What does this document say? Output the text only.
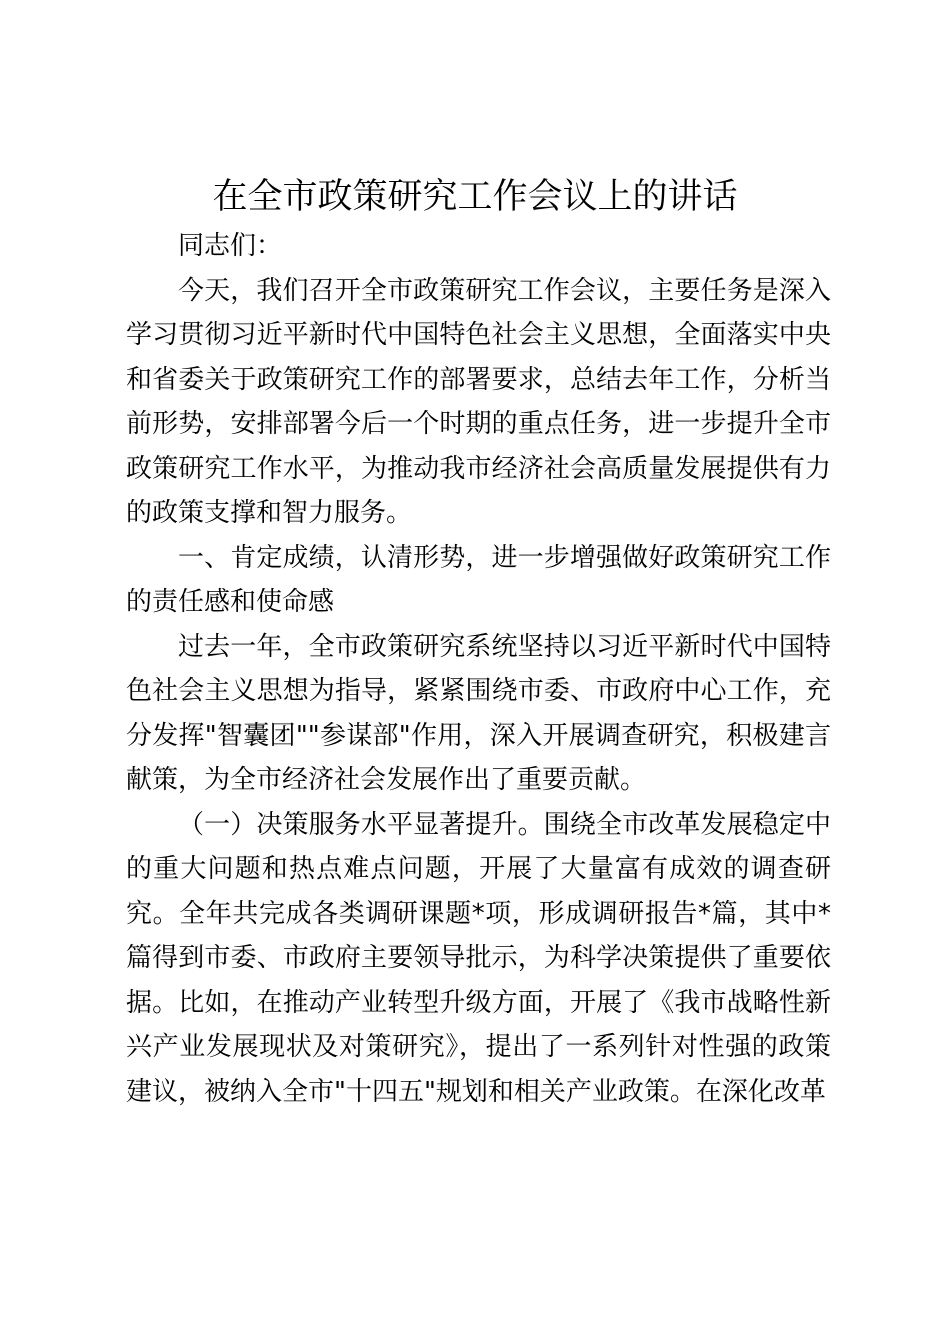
在全市政策研究工作会议上的讲话

同志们：

今天，我们召开全市政策研究工作会议，主要任务是深入学习贯彻习近平新时代中国特色社会主义思想，全面落实中央和省委关于政策研究工作的部署要求，总结去年工作，分析当前形势，安排部署今后一个时期的重点任务，进一步提升全市政策研究工作水平，为推动我市经济社会高质量发展提供有力的政策支撑和智力服务。

一、肯定成绩，认清形势，进一步增强做好政策研究工作的责任感和使命感

过去一年，全市政策研究系统坚持以习近平新时代中国特色社会主义思想为指导，紧紧围绕市委、市政府中心工作，充分发挥"智囊团""参谋部"作用，深入开展调查研究，积极建言献策，为全市经济社会发展作出了重要贡献。

（一）决策服务水平显著提升。围绕全市改革发展稳定中的重大问题和热点难点问题，开展了大量富有成效的调查研究。全年共完成各类调研课题*项，形成调研报告*篇，其中*篇得到市委、市政府主要领导批示，为科学决策提供了重要依据。比如，在推动产业转型升级方面，开展了《我市战略性新兴产业发展现状及对策研究》，提出了一系列针对性强的政策建议，被纳入全市"十四五"规划和相关产业政策。在深化改革
